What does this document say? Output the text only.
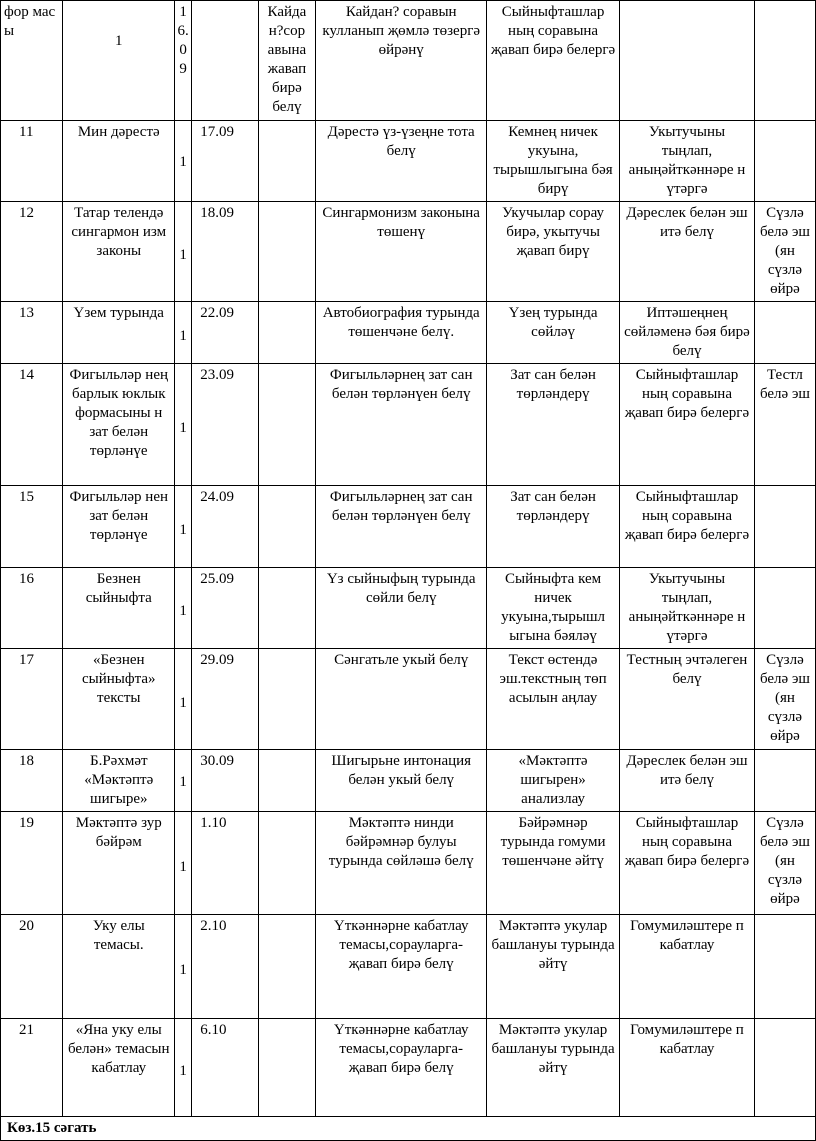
фор мас ы	1	1 6. 0 9		Кайда н?сор авына жавап бирә белү	Кайдан? соравын кулланып җөмлә төзергә өйрәнү	Сыйныфташлар ның соравына җавап бирә белергә		
11	Мин дәрестә	1	17.09		Дәрестә үз-үзеңне тота белү	Кемнең ничек укуына, тырышлыгына бәя бирү	Укытучыны тыңлап, аныңәйткәннәре н үтәргә	
12	Татар телендә сингармон изм законы	1	18.09		Сингармонизм законына төшенү	Укучылар сорау бирә, укытучы җавап бирү	Дәреслек белән эш итә белү	Сүзлә белә эш (ян сүзлә өйрә
13	Үзем турында	1	22.09		Автобиография турында төшенчәне белү.	Үзең турында сөйләү	Иптәшеңнең сөйләменә бәя бирә белү	
14	Фигыльләр нең барлык юклык формасыны н зат белән төрләнүе	1	23.09		Фигыльләрнең зат сан белән төрләнүен белү	Зат сан белән төрләндерү	Сыйныфташлар ның соравына җавап бирә белергә	Тестл белә эш
15	Фигыльләр нен зат белән төрләнүе	1	24.09		Фигыльләрнең зат сан белән төрләнүен белү	Зат сан белән төрләндерү	Сыйныфташлар ның соравына җавап бирә белергә	
16	Безнен сыйныфта	1	25.09		Үз сыйныфың турында сөйли белү	Сыйныфта кем ничек укуына,тырышл ыгына бәяләү	Укытучыны тыңлап, аныңәйткәннәре н үтәргә	
17	«Безнен сыйныфта» тексты	1	29.09		Сәнгатьле укый белү	Текст өстендә эш.текстның төп асылын аңлау	Тестның эчтәлеген белү	Сүзлә белә эш (ян сүзлә өйрә
18	Б.Рәхмәт «Мәктәптә шигыре»	1	30.09		Шигырьне интонация белән укый белү	«Мәктәптә шигырен» анализлау	Дәреслек белән эш итә белү	
19	Мәктәптә зур бәйрәм	1	1.10		Мәктәптә нинди бәйрәмнәр булуы турында сөйләшә белү	Бәйрәмнәр турында гомуми төшенчәне әйтү	Сыйныфташлар ның соравына җавап бирә белергә	Сүзлә белә эш (ян сүзлә өйрә
20	Уку елы темасы.	1	2.10		Үткәннәрне кабатлау темасы,сорауларга- җавап бирә белү	Мәктәптә укулар башлануы турында әйтү	Гомумиләштере п кабатлау	
21	«Яна уку елы белән» темасын кабатлау	1	6.10		Үткәннәрне кабатлау темасы,сорауларга- җавап бирә белү	Мәктәптә укулар башлануы турында әйтү	Гомумиләштере п кабатлау	
Көз.15 сәгать								
